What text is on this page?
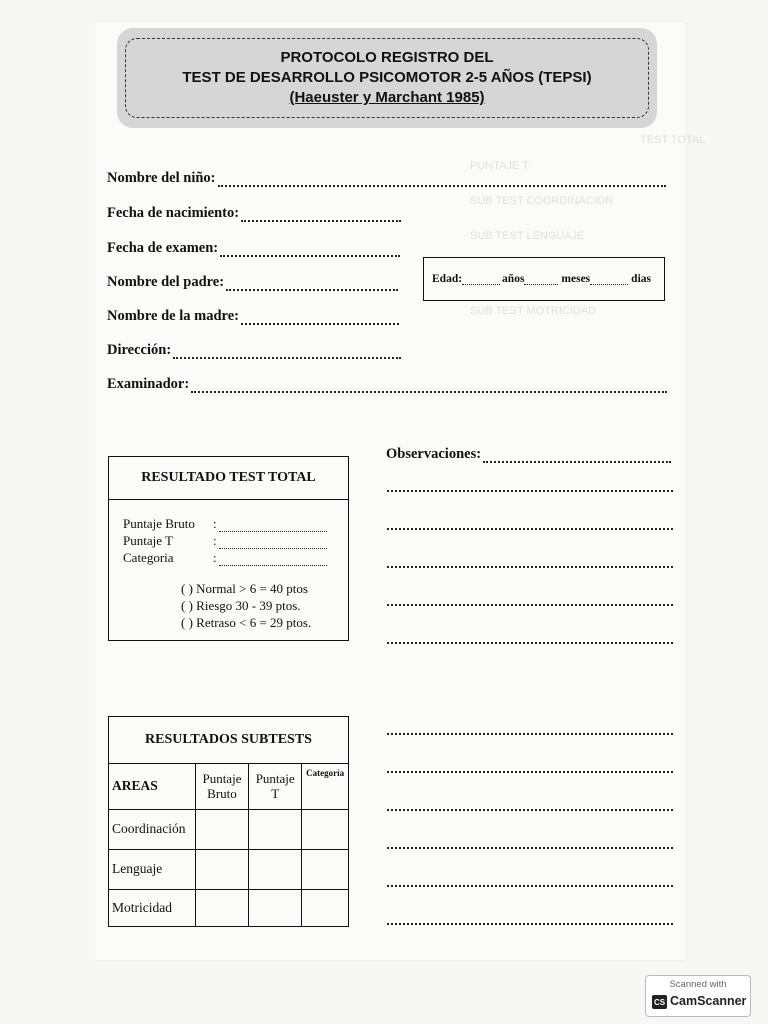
TEST TOTAL
PUNTAJE T
SUB TEST COORDINACIÓN
SUB TEST LENGUAJE
SUB TEST MOTRICIDAD
PROTOCOLO REGISTRO DEL
TEST DE DESARROLLO PSICOMOTOR 2-5 AÑOS (TEPSI)
(Haeuster y Marchant 1985)
Nombre del niño:
Fecha de nacimiento:
Fecha de examen:
Nombre del padre:
Nombre de la madre:
Dirección:
Examinador:
Edad:	años	meses	dias
Observaciones:
RESULTADO TEST TOTAL
Puntaje Bruto	:
Puntaje T	:
Categoria	:
( ) Normal > 6 = 40 ptos
( ) Riesgo 30 - 39 ptos.
( ) Retraso < 6 = 29 ptos.
RESULTADOS SUBTESTS
AREAS	Puntaje Bruto	Puntaje T	Categoría
Coordinación			
Lenguaje			
Motricidad			
Scanned with
CS CamScanner
